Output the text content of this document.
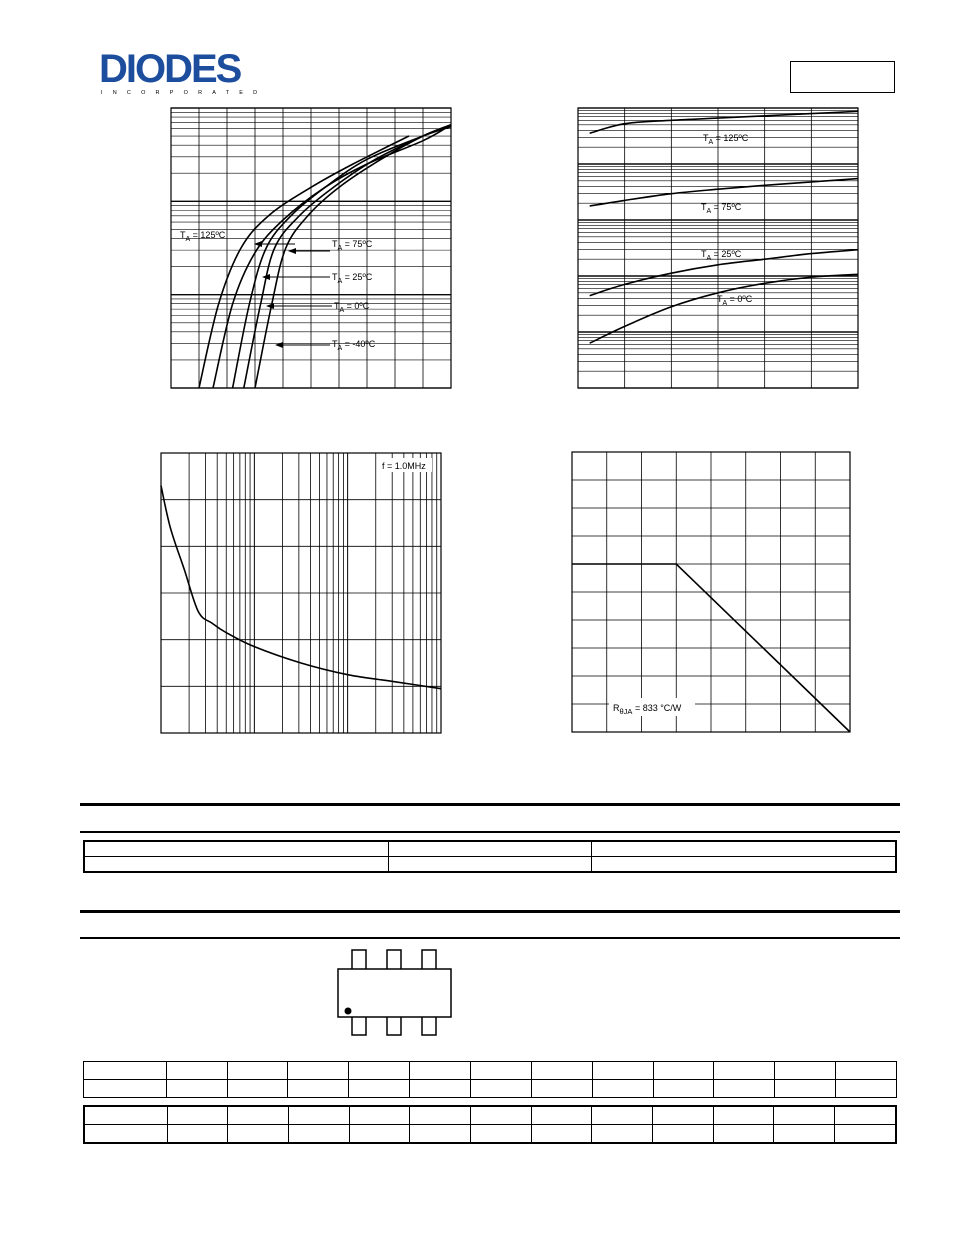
DIODES
INCORPORATED
$T_A$ = 125ºC
$T_A$ = 75ºC
$T_A$ = 25ºC
$T_A$ = 0ºC
$T_A$ = -40ºC
$T_A$ = 125ºC
$T_A$ = 75ºC
$T_A$ = 25ºC
$T_A$ = 0ºC
f = 1.0MHz
$R_{\theta JA} = 833$ °C/W
